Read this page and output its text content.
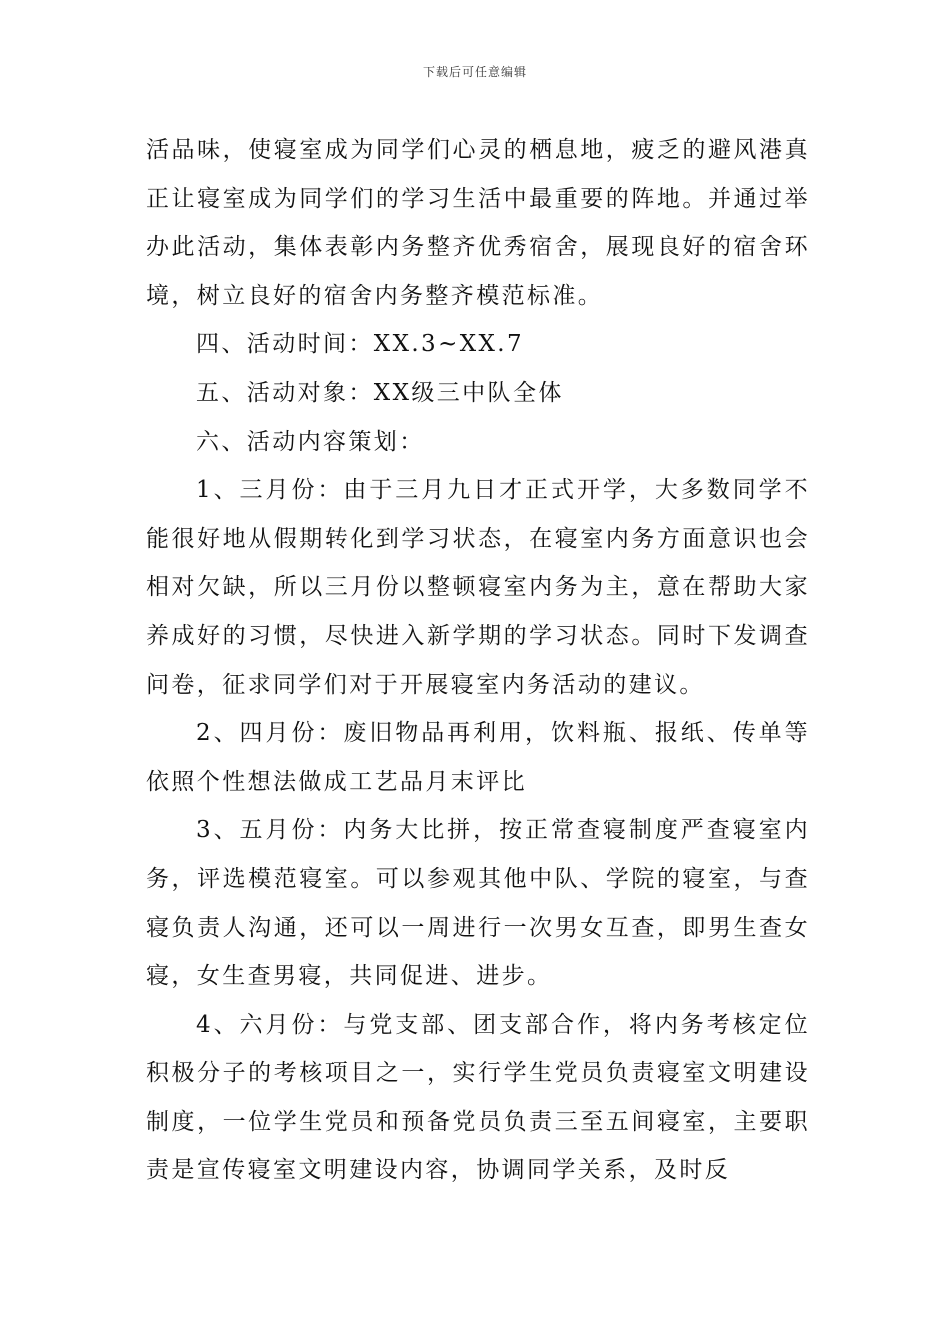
下载后可任意编辑

活品味，使寝室成为同学们心灵的栖息地，疲乏的避风港真正让寝室成为同学们的学习生活中最重要的阵地。并通过举办此活动，集体表彰内务整齐优秀宿舍，展现良好的宿舍环境，树立良好的宿舍内务整齐模范标准。

四、活动时间：XX.3~XX.7

五、活动对象：XX级三中队全体

六、活动内容策划：

1、三月份：由于三月九日才正式开学，大多数同学不能很好地从假期转化到学习状态，在寝室内务方面意识也会相对欠缺，所以三月份以整顿寝室内务为主，意在帮助大家养成好的习惯，尽快进入新学期的学习状态。同时下发调查问卷，征求同学们对于开展寝室内务活动的建议。

2、四月份：废旧物品再利用，饮料瓶、报纸、传单等依照个性想法做成工艺品月末评比

3、五月份：内务大比拼，按正常查寝制度严查寝室内务，评选模范寝室。可以参观其他中队、学院的寝室，与查寝负责人沟通，还可以一周进行一次男女互查，即男生查女寝，女生查男寝，共同促进、进步。

4、六月份：与党支部、团支部合作，将内务考核定位积极分子的考核项目之一，实行学生党员负责寝室文明建设制度，一位学生党员和预备党员负责三至五间寝室，主要职责是宣传寝室文明建设内容，协调同学关系，及时反
